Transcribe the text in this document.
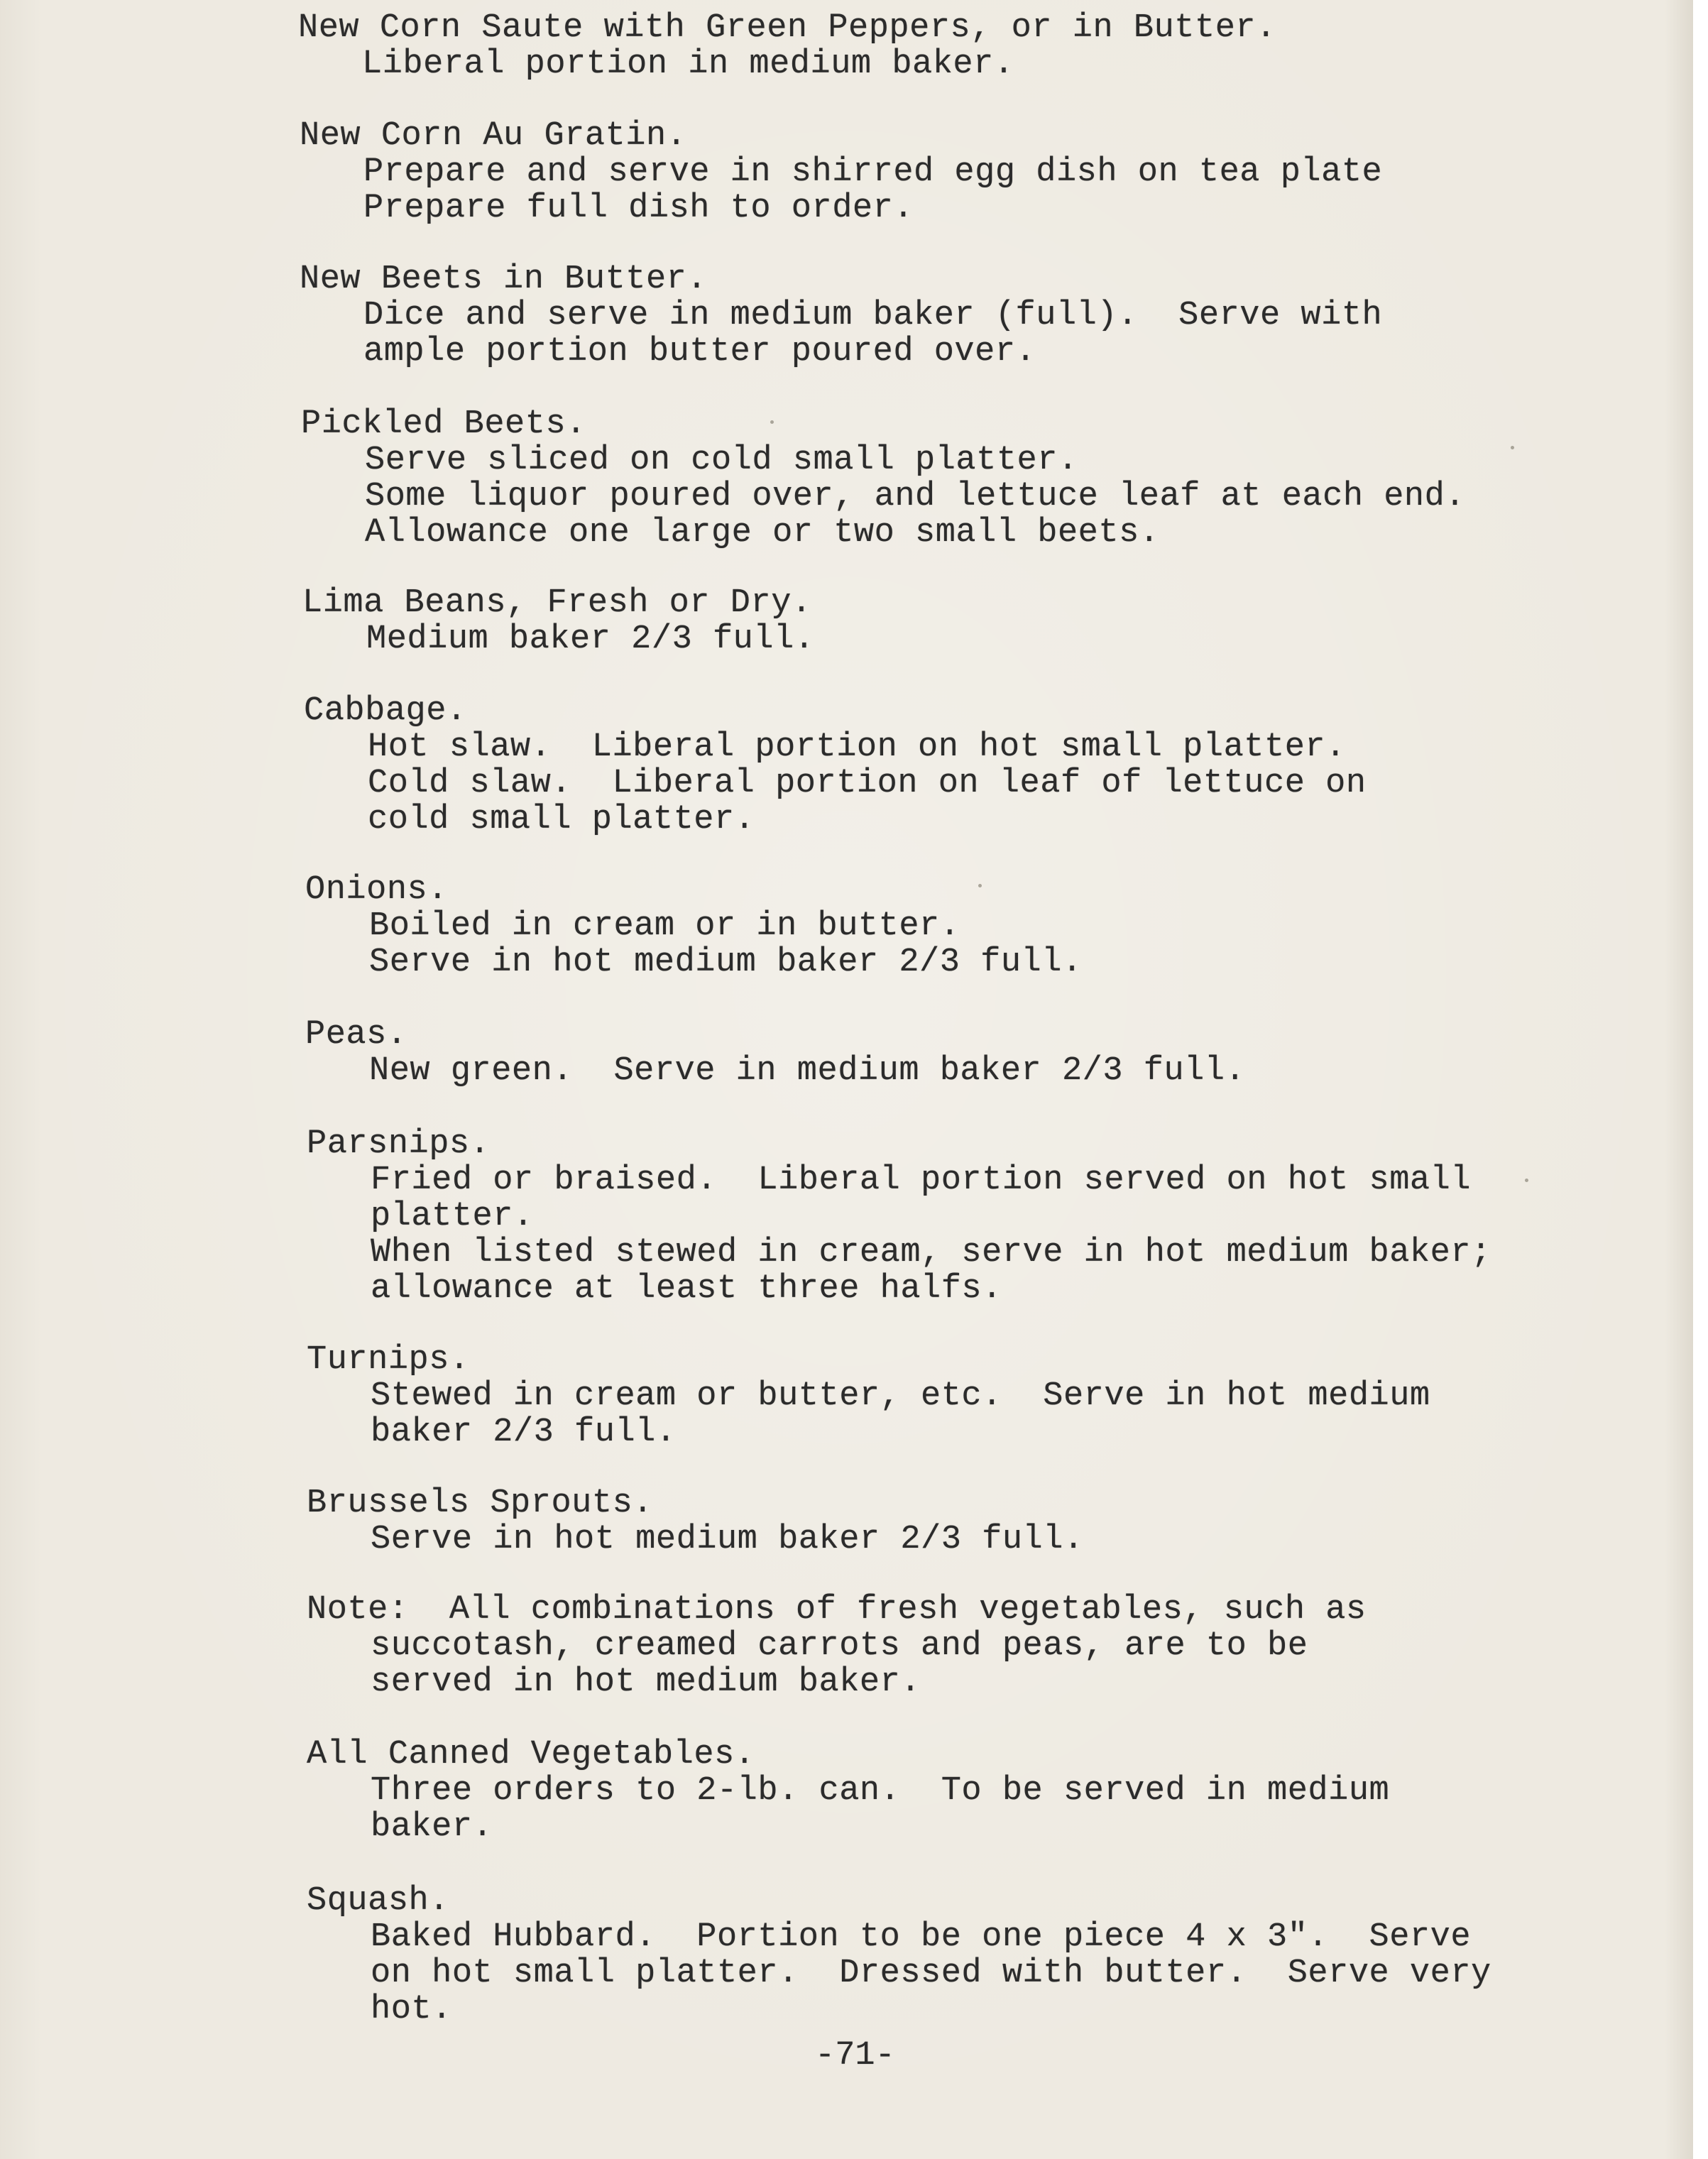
New Corn Saute with Green Peppers, or in Butter.
Liberal portion in medium baker.
New Corn Au Gratin.
Prepare and serve in shirred egg dish on tea plate
Prepare full dish to order.
New Beets in Butter.
Dice and serve in medium baker (full).  Serve with
ample portion butter poured over.
Pickled Beets.
Serve sliced on cold small platter.
Some liquor poured over, and lettuce leaf at each end.
Allowance one large or two small beets.
Lima Beans, Fresh or Dry.
Medium baker 2/3 full.
Cabbage.
Hot slaw.  Liberal portion on hot small platter.
Cold slaw.  Liberal portion on leaf of lettuce on
cold small platter.
Onions.
Boiled in cream or in butter.
Serve in hot medium baker 2/3 full.
Peas.
New green.  Serve in medium baker 2/3 full.
Parsnips.
Fried or braised.  Liberal portion served on hot small
platter.
When listed stewed in cream, serve in hot medium baker;
allowance at least three halfs.
Turnips.
Stewed in cream or butter, etc.  Serve in hot medium
baker 2/3 full.
Brussels Sprouts.
Serve in hot medium baker 2/3 full.
Note:  All combinations of fresh vegetables, such as
succotash, creamed carrots and peas, are to be
served in hot medium baker.
All Canned Vegetables.
Three orders to 2-lb. can.  To be served in medium
baker.
Squash.
Baked Hubbard.  Portion to be one piece 4 x 3".  Serve
on hot small platter.  Dressed with butter.  Serve very
hot.
-71-
